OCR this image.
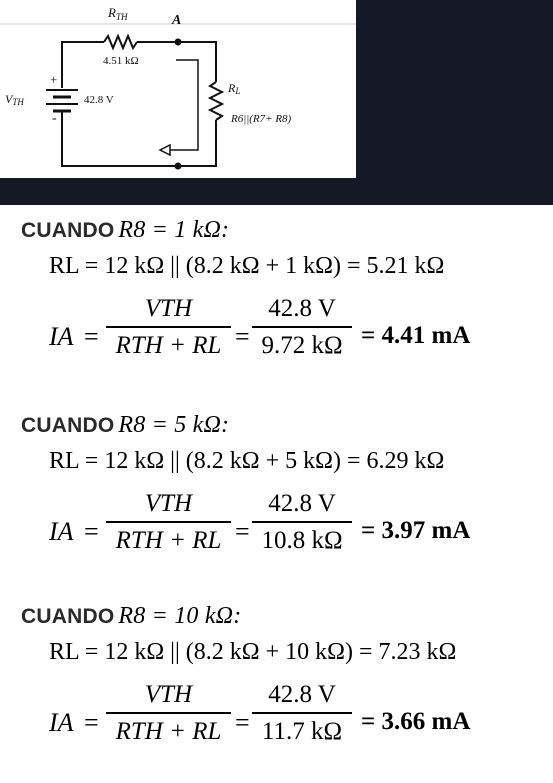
$R_{TH}$	A
4.51 kΩ
VTH	42.8 V
+
-
RL
R6||(R7+ R8)
CUANDO R8 = 1 kΩ:
RL = 12 kΩ || (8.2 kΩ + 1 kΩ) = 5.21 kΩ
IA =
VTH
RTH + RL = $\frac{42.8 V}{9.72 k\Omega} = 4.41$ mA
CUANDO R8 = 5 kΩ:
RL = 12 kΩ || (8.2 kΩ + 5 kΩ) = 6.29 kΩ
IA =
VTH
RTH + RL = $\frac{42.8 V}{10.8 k\Omega} = 3.97$ mA
CUANDO R8 = 10 kΩ:
RL = 12 kΩ || (8.2 kΩ + 10 kΩ) = 7.23 kΩ
IA =
VTH
RTH + RL = $\frac{42.8 V}{11.7 k\Omega} = 3.66$ mA
